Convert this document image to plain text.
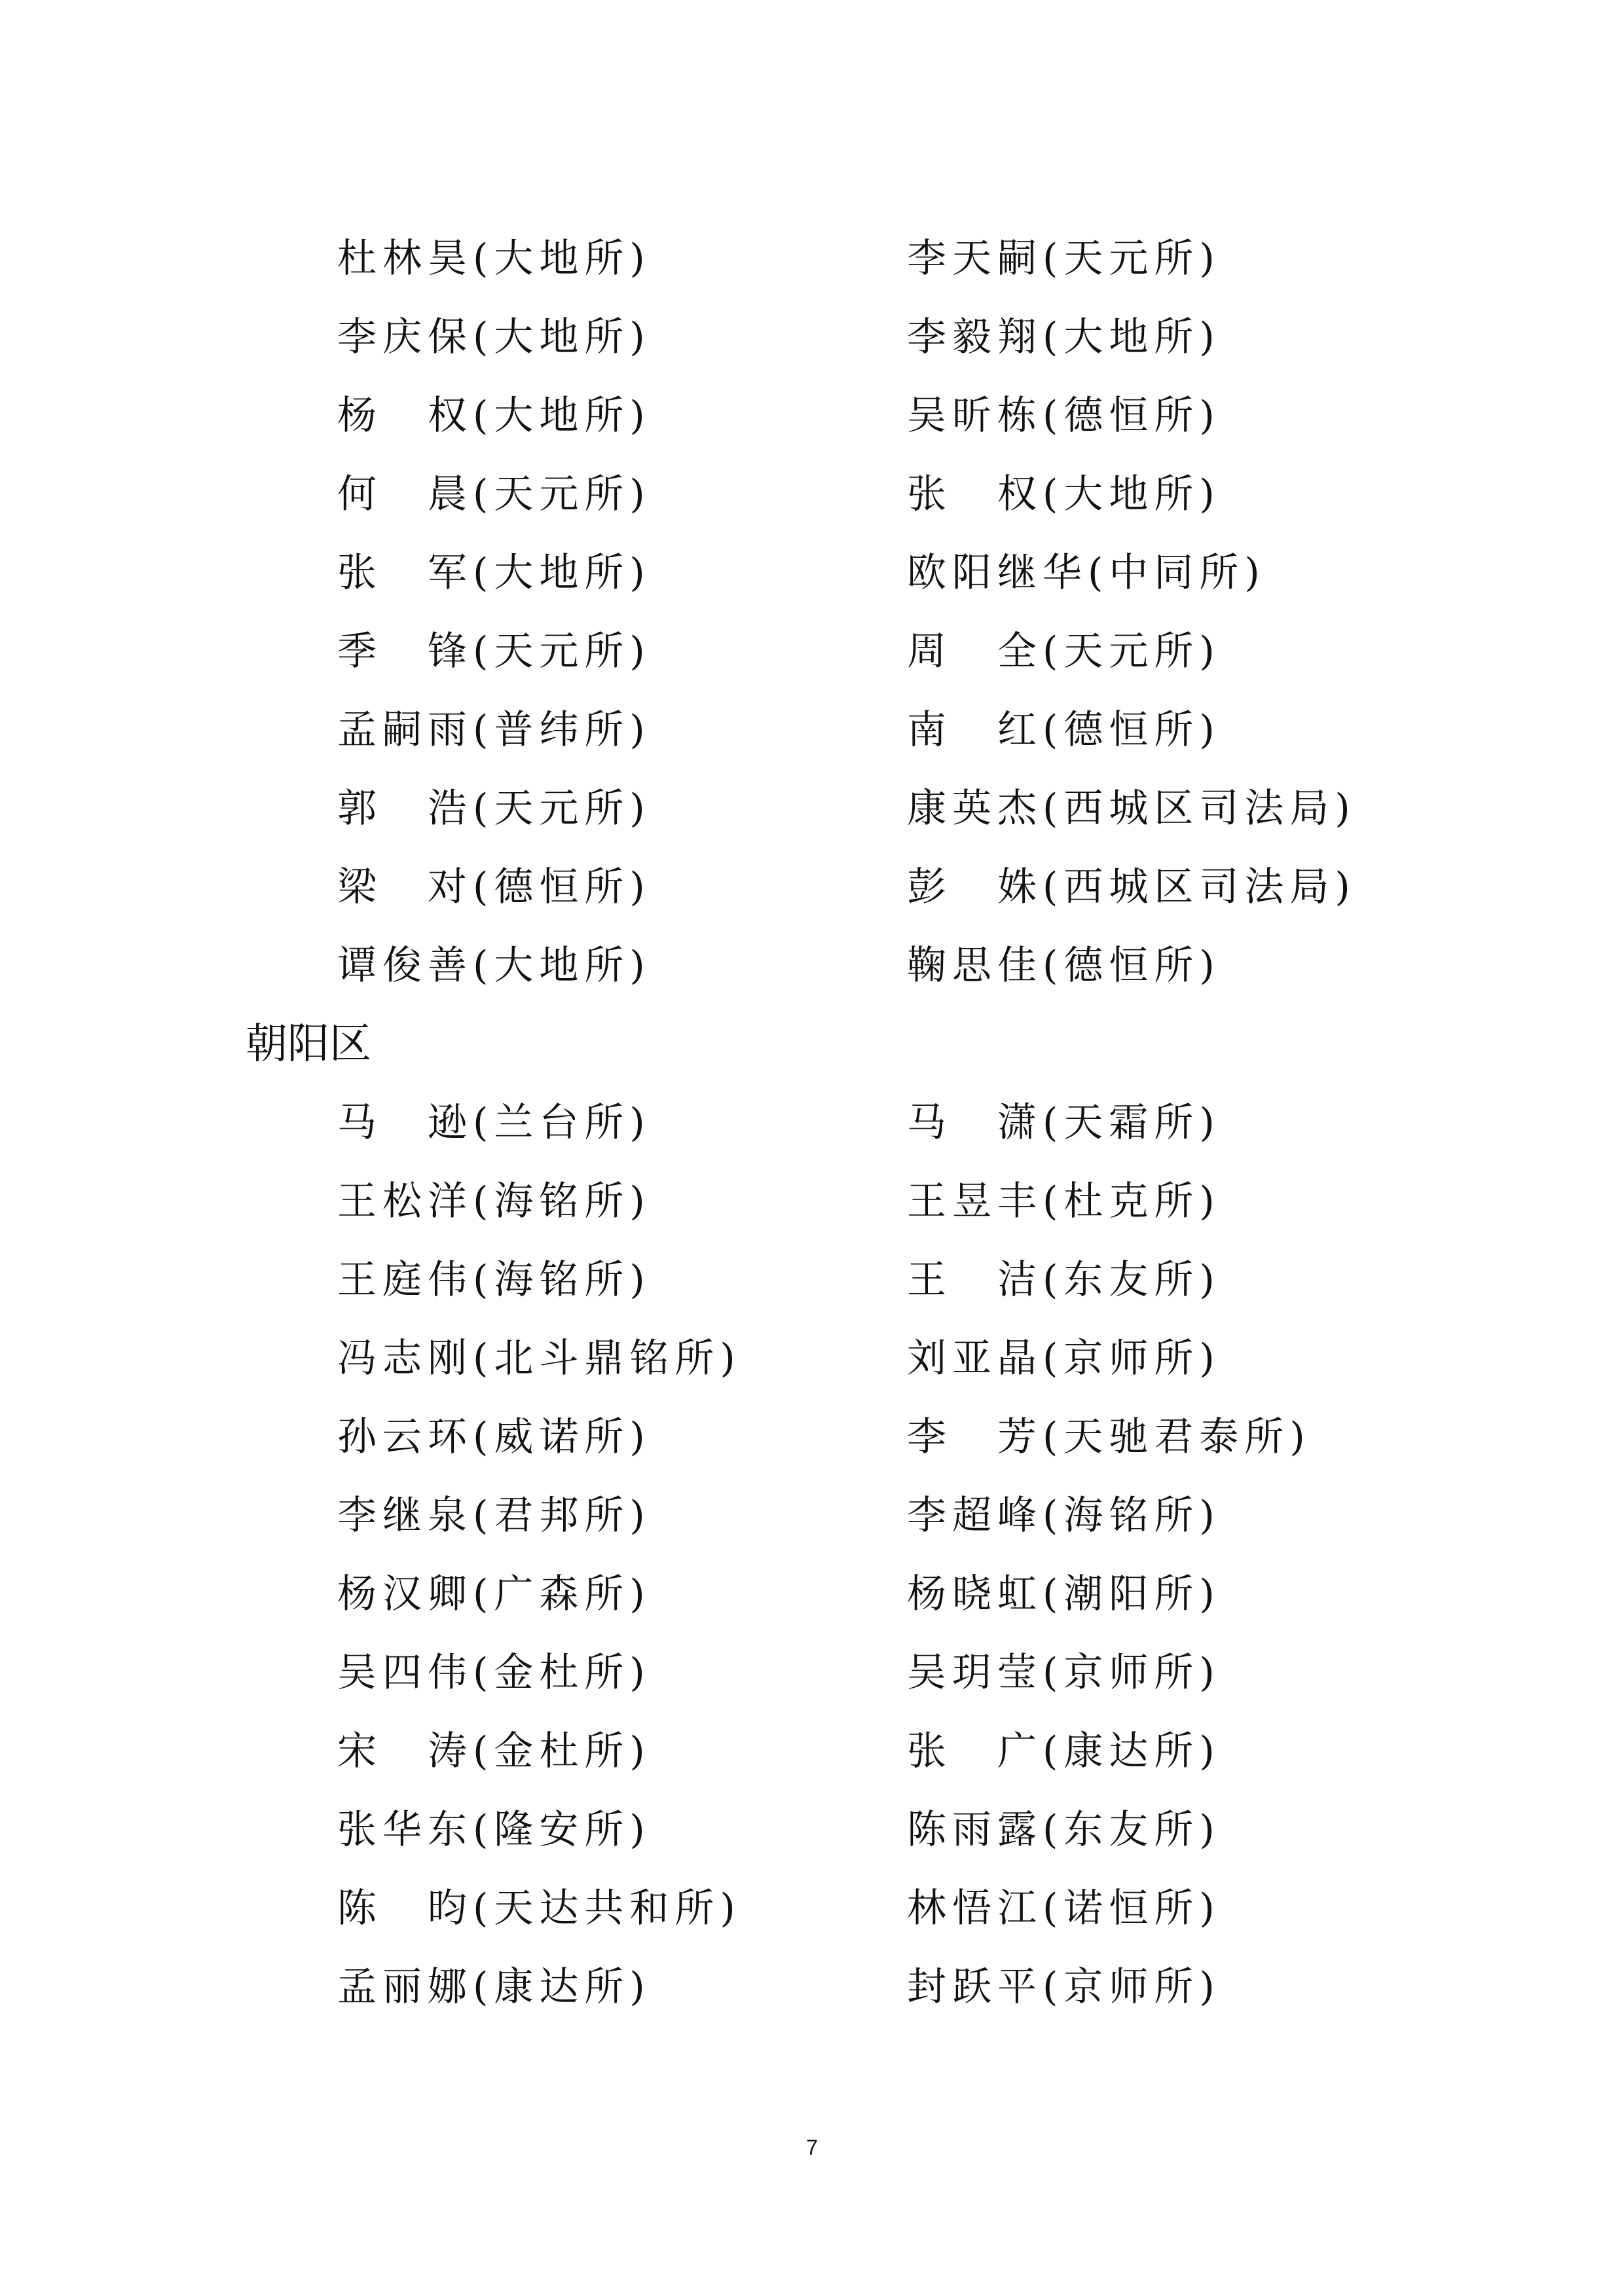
杜林昊(大地所)	李天嗣(天元所)
李庆保(大地所)	李毅翔(大地所)
杨　权(大地所)	吴昕栋(德恒所)
何　晨(天元所)	张　权(大地所)
张　军(大地所)	欧阳继华(中同所)
季　锋(天元所)	周　全(天元所)
孟嗣雨(普纬所)	南　红(德恒所)
郭　浩(天元所)	康英杰(西城区司法局)
梁　对(德恒所)	彭　姝(西城区司法局)
谭俊善(大地所)	鞠思佳(德恒所)
朝阳区
马　逊(兰台所)	马　潇(天霜所)
王松洋(海铭所)	王昱丰(杜克所)
王庭伟(海铭所)	王　洁(东友所)
冯志刚(北斗鼎铭所)	刘亚晶(京师所)
孙云环(威诺所)	李　芳(天驰君泰所)
李继泉(君邦所)	李超峰(海铭所)
杨汉卿(广森所)	杨晓虹(潮阳所)
吴四伟(金杜所)	吴玥莹(京师所)
宋　涛(金杜所)	张　广(康达所)
张华东(隆安所)	陈雨露(东友所)
陈　昀(天达共和所)	林悟江(诺恒所)
孟丽娜(康达所)	封跃平(京师所)
7
